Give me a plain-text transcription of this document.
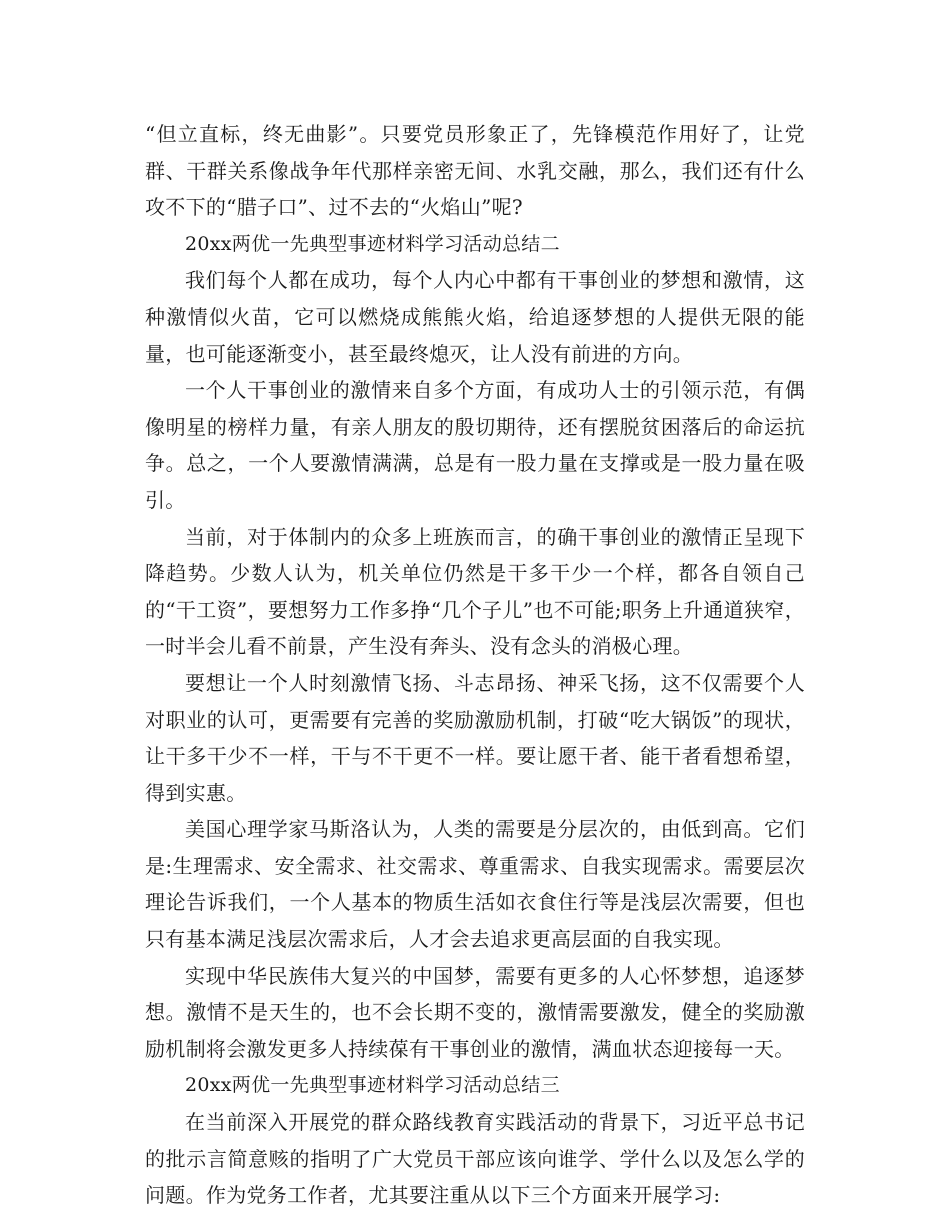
“但立直标，终无曲影”。只要党员形象正了，先锋模范作用好了，让党群、干群关系像战争年代那样亲密无间、水乳交融，那么，我们还有什么攻不下的“腊子口”、过不去的“火焰山”呢?

20xx两优一先典型事迹材料学习活动总结二

我们每个人都在成功，每个人内心中都有干事创业的梦想和激情，这种激情似火苗，它可以燃烧成熊熊火焰，给追逐梦想的人提供无限的能量，也可能逐渐变小，甚至最终熄灭，让人没有前进的方向。

一个人干事创业的激情来自多个方面，有成功人士的引领示范，有偶像明星的榜样力量，有亲人朋友的殷切期待，还有摆脱贫困落后的命运抗争。总之，一个人要激情满满，总是有一股力量在支撑或是一股力量在吸引。

当前，对于体制内的众多上班族而言，的确干事创业的激情正呈现下降趋势。少数人认为，机关单位仍然是干多干少一个样，都各自领自己的“干工资”，要想努力工作多挣“几个子儿”也不可能;职务上升通道狭窄，一时半会儿看不前景，产生没有奔头、没有念头的消极心理。

要想让一个人时刻激情飞扬、斗志昂扬、神采飞扬，这不仅需要个人对职业的认可，更需要有完善的奖励激励机制，打破“吃大锅饭”的现状，让干多干少不一样，干与不干更不一样。要让愿干者、能干者看想希望，得到实惠。

美国心理学家马斯洛认为，人类的需要是分层次的，由低到高。它们是:生理需求、安全需求、社交需求、尊重需求、自我实现需求。需要层次理论告诉我们，一个人基本的物质生活如衣食住行等是浅层次需要，但也只有基本满足浅层次需求后，人才会去追求更高层面的自我实现。

实现中华民族伟大复兴的中国梦，需要有更多的人心怀梦想，追逐梦想。激情不是天生的，也不会长期不变的，激情需要激发，健全的奖励激励机制将会激发更多人持续葆有干事创业的激情，满血状态迎接每一天。

20xx两优一先典型事迹材料学习活动总结三

在当前深入开展党的群众路线教育实践活动的背景下，习近平总书记的批示言简意赅的指明了广大党员干部应该向谁学、学什么以及怎么学的问题。作为党务工作者，尤其要注重从以下三个方面来开展学习:
